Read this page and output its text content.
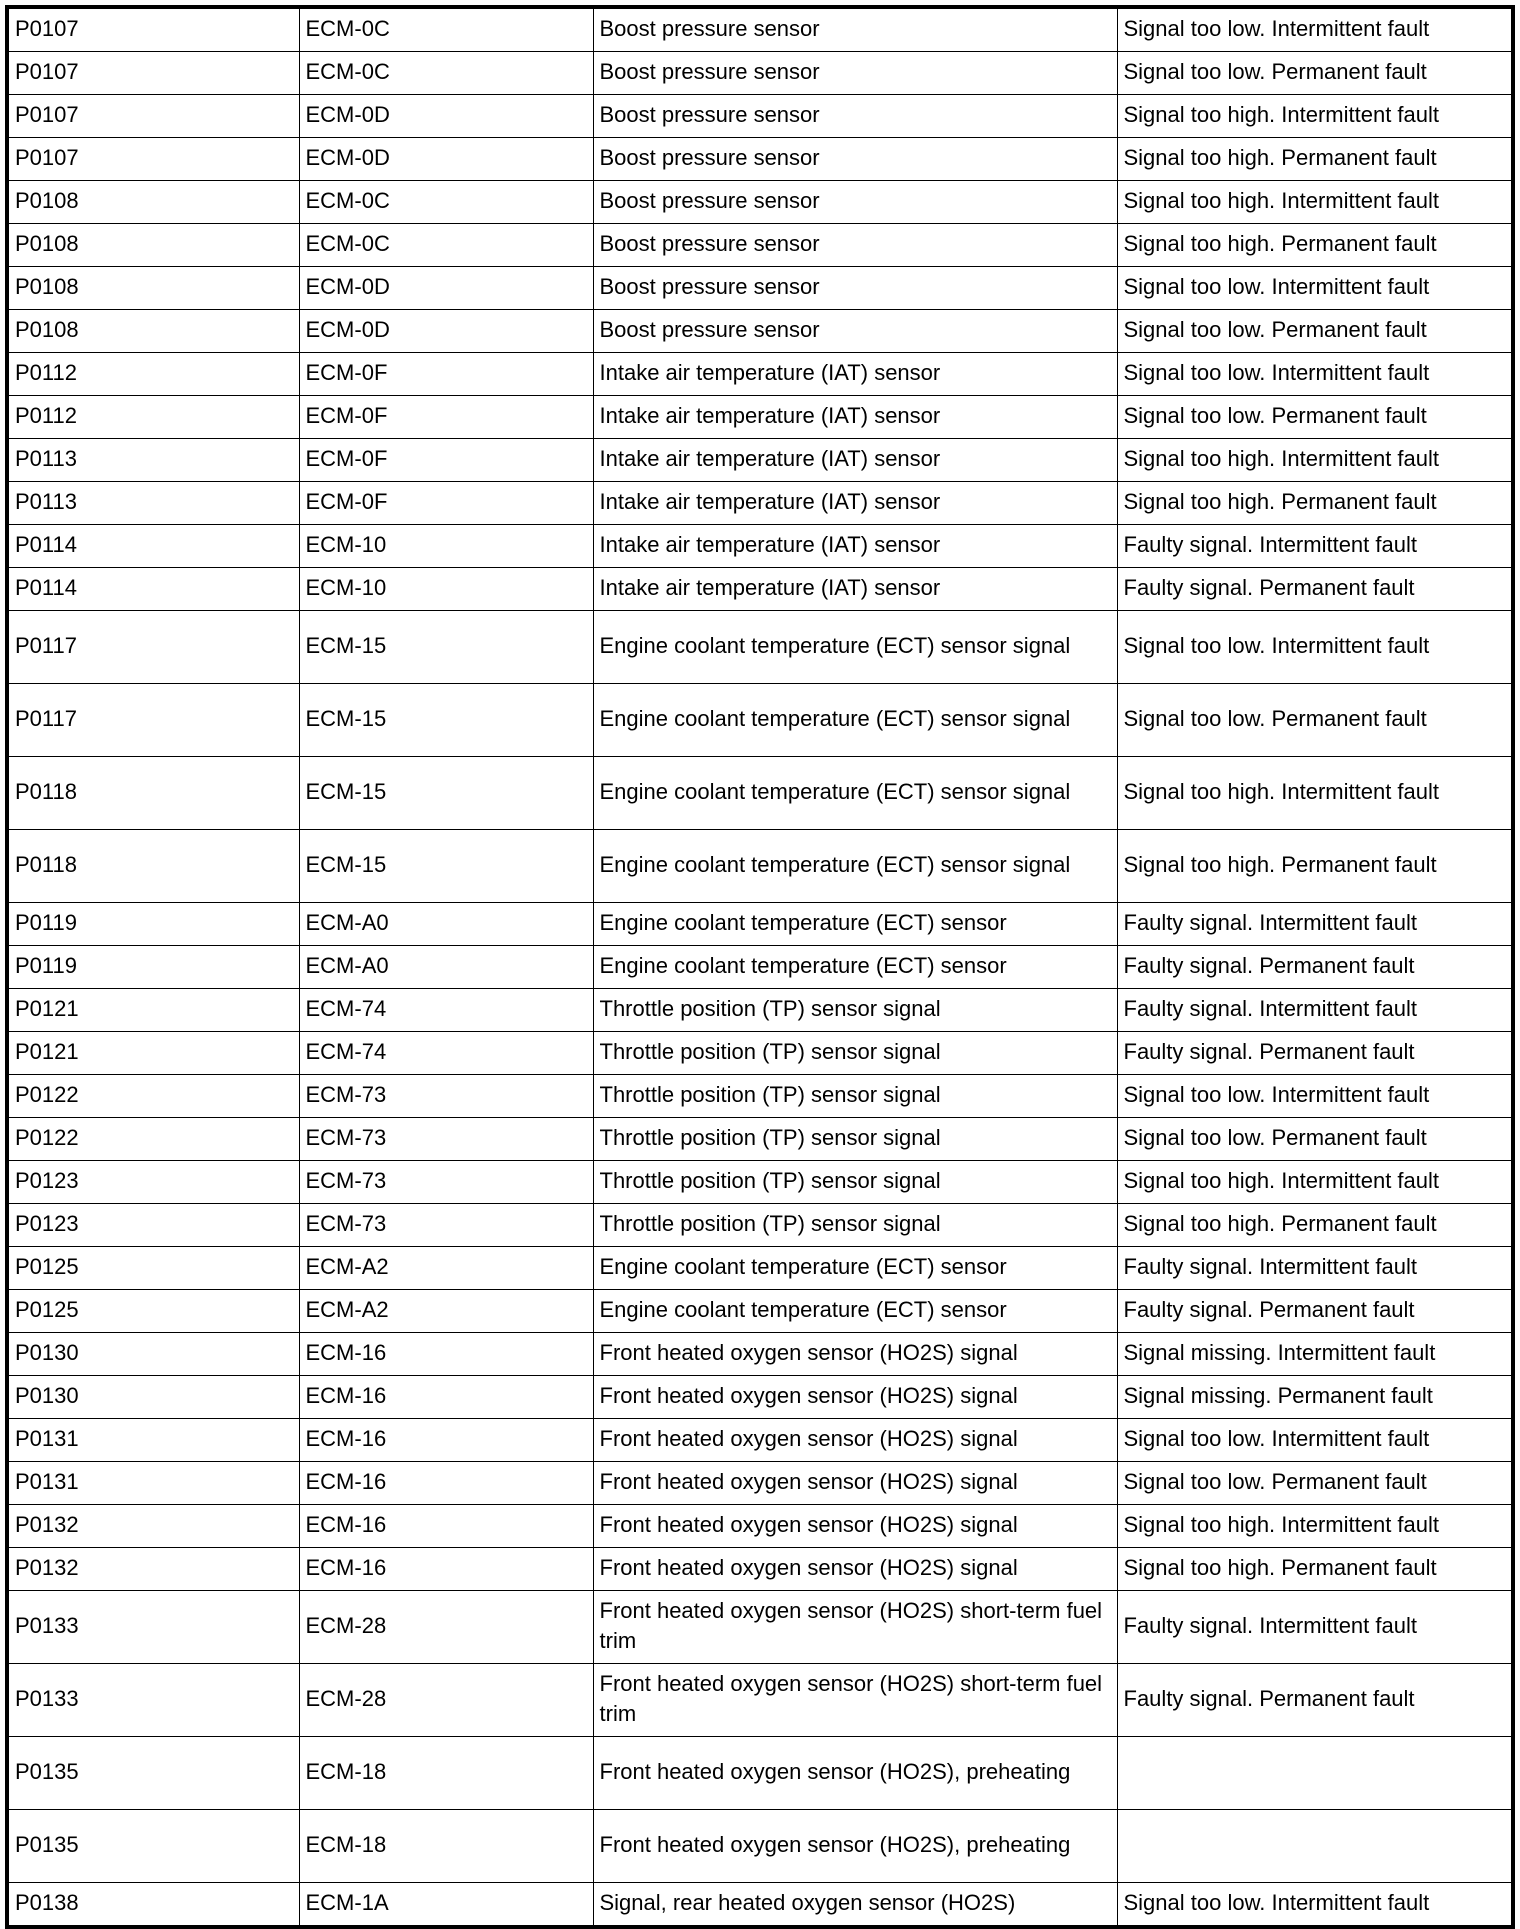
P0107	ECM-0C	Boost pressure sensor	Signal too low. Intermittent fault
P0107	ECM-0C	Boost pressure sensor	Signal too low. Permanent fault
P0107	ECM-0D	Boost pressure sensor	Signal too high. Intermittent fault
P0107	ECM-0D	Boost pressure sensor	Signal too high. Permanent fault
P0108	ECM-0C	Boost pressure sensor	Signal too high. Intermittent fault
P0108	ECM-0C	Boost pressure sensor	Signal too high. Permanent fault
P0108	ECM-0D	Boost pressure sensor	Signal too low. Intermittent fault
P0108	ECM-0D	Boost pressure sensor	Signal too low. Permanent fault
P0112	ECM-0F	Intake air temperature (IAT) sensor	Signal too low. Intermittent fault
P0112	ECM-0F	Intake air temperature (IAT) sensor	Signal too low. Permanent fault
P0113	ECM-0F	Intake air temperature (IAT) sensor	Signal too high. Intermittent fault
P0113	ECM-0F	Intake air temperature (IAT) sensor	Signal too high. Permanent fault
P0114	ECM-10	Intake air temperature (IAT) sensor	Faulty signal. Intermittent fault
P0114	ECM-10	Intake air temperature (IAT) sensor	Faulty signal. Permanent fault
P0117	ECM-15	Engine coolant temperature (ECT) sensor signal	Signal too low. Intermittent fault
P0117	ECM-15	Engine coolant temperature (ECT) sensor signal	Signal too low. Permanent fault
P0118	ECM-15	Engine coolant temperature (ECT) sensor signal	Signal too high. Intermittent fault
P0118	ECM-15	Engine coolant temperature (ECT) sensor signal	Signal too high. Permanent fault
P0119	ECM-A0	Engine coolant temperature (ECT) sensor	Faulty signal. Intermittent fault
P0119	ECM-A0	Engine coolant temperature (ECT) sensor	Faulty signal. Permanent fault
P0121	ECM-74	Throttle position (TP) sensor signal	Faulty signal. Intermittent fault
P0121	ECM-74	Throttle position (TP) sensor signal	Faulty signal. Permanent fault
P0122	ECM-73	Throttle position (TP) sensor signal	Signal too low. Intermittent fault
P0122	ECM-73	Throttle position (TP) sensor signal	Signal too low. Permanent fault
P0123	ECM-73	Throttle position (TP) sensor signal	Signal too high. Intermittent fault
P0123	ECM-73	Throttle position (TP) sensor signal	Signal too high. Permanent fault
P0125	ECM-A2	Engine coolant temperature (ECT) sensor	Faulty signal. Intermittent fault
P0125	ECM-A2	Engine coolant temperature (ECT) sensor	Faulty signal. Permanent fault
P0130	ECM-16	Front heated oxygen sensor (HO2S) signal	Signal missing. Intermittent fault
P0130	ECM-16	Front heated oxygen sensor (HO2S) signal	Signal missing. Permanent fault
P0131	ECM-16	Front heated oxygen sensor (HO2S) signal	Signal too low. Intermittent fault
P0131	ECM-16	Front heated oxygen sensor (HO2S) signal	Signal too low. Permanent fault
P0132	ECM-16	Front heated oxygen sensor (HO2S) signal	Signal too high. Intermittent fault
P0132	ECM-16	Front heated oxygen sensor (HO2S) signal	Signal too high. Permanent fault
P0133	ECM-28	Front heated oxygen sensor (HO2S) short-term fuel trim	Faulty signal. Intermittent fault
P0133	ECM-28	Front heated oxygen sensor (HO2S) short-term fuel trim	Faulty signal. Permanent fault
P0135	ECM-18	Front heated oxygen sensor (HO2S), preheating	
P0135	ECM-18	Front heated oxygen sensor (HO2S), preheating	
P0138	ECM-1A	Signal, rear heated oxygen sensor (HO2S)	Signal too low. Intermittent fault
